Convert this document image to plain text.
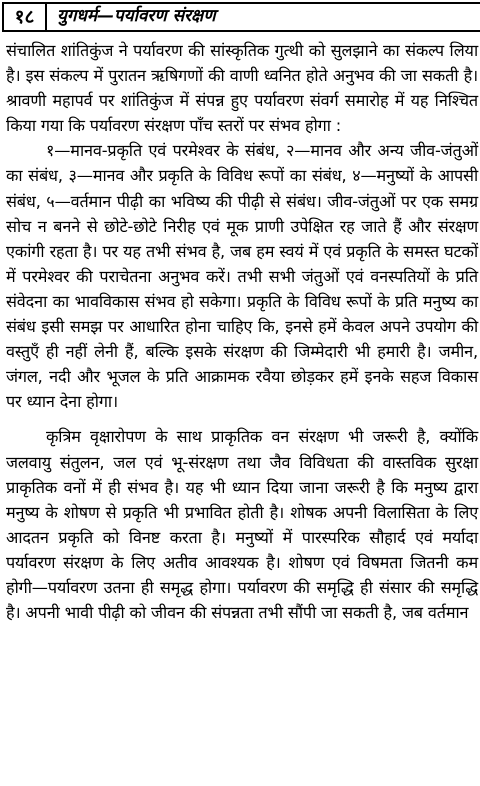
१८	युगधर्म—पर्यावरण संरक्षण

संचालित शांतिकुंज ने पर्यावरण की सांस्कृतिक गुत्थी को सुलझाने का संकल्प लिया है। इस संकल्प में पुरातन ऋषिगणों की वाणी ध्वनित होते अनुभव की जा सकती है। श्रावणी महापर्व पर शांतिकुंज में संपन्न हुए पर्यावरण संवर्ग समारोह में यह निश्चित किया गया कि पर्यावरण संरक्षण पाँच स्तरों पर संभव होगा :

१—मानव-प्रकृति एवं परमेश्वर के संबंध, २—मानव और अन्य जीव-जंतुओं का संबंध, ३—मानव और प्रकृति के विविध रूपों का संबंध, ४—मनुष्यों के आपसी संबंध, ५—वर्तमान पीढ़ी का भविष्य की पीढ़ी से संबंध। जीव-जंतुओं पर एक समग्र सोच न बनने से छोटे-छोटे निरीह एवं मूक प्राणी उपेक्षित रह जाते हैं और संरक्षण एकांगी रहता है। पर यह तभी संभव है, जब हम स्वयं में एवं प्रकृति के समस्त घटकों में परमेश्वर की पराचेतना अनुभव करें। तभी सभी जंतुओं एवं वनस्पतियों के प्रति संवेदना का भावविकास संभव हो सकेगा। प्रकृति के विविध रूपों के प्रति मनुष्य का संबंध इसी समझ पर आधारित होना चाहिए कि, इनसे हमें केवल अपने उपयोग की वस्तुएँ ही नहीं लेनी हैं, बल्कि इसके संरक्षण की जिम्मेदारी भी हमारी है। जमीन, जंगल, नदी और भूजल के प्रति आक्रामक रवैया छोड़कर हमें इनके सहज विकास पर ध्यान देना होगा।

कृत्रिम वृक्षारोपण के साथ प्राकृतिक वन संरक्षण भी जरूरी है, क्योंकि जलवायु संतुलन, जल एवं भू-संरक्षण तथा जैव विविधता की वास्तविक सुरक्षा प्राकृतिक वनों में ही संभव है। यह भी ध्यान दिया जाना जरूरी है कि मनुष्य द्वारा मनुष्य के शोषण से प्रकृति भी प्रभावित होती है। शोषक अपनी विलासिता के लिए आदतन प्रकृति को विनष्ट करता है। मनुष्यों में पारस्परिक सौहार्द एवं मर्यादा पर्यावरण संरक्षण के लिए अतीव आवश्यक है। शोषण एवं विषमता जितनी कम होगी—पर्यावरण उतना ही समृद्ध होगा। पर्यावरण की समृद्धि ही संसार की समृद्धि है। अपनी भावी पीढ़ी को जीवन की संपन्नता तभी सौंपी जा सकती है, जब वर्तमान
